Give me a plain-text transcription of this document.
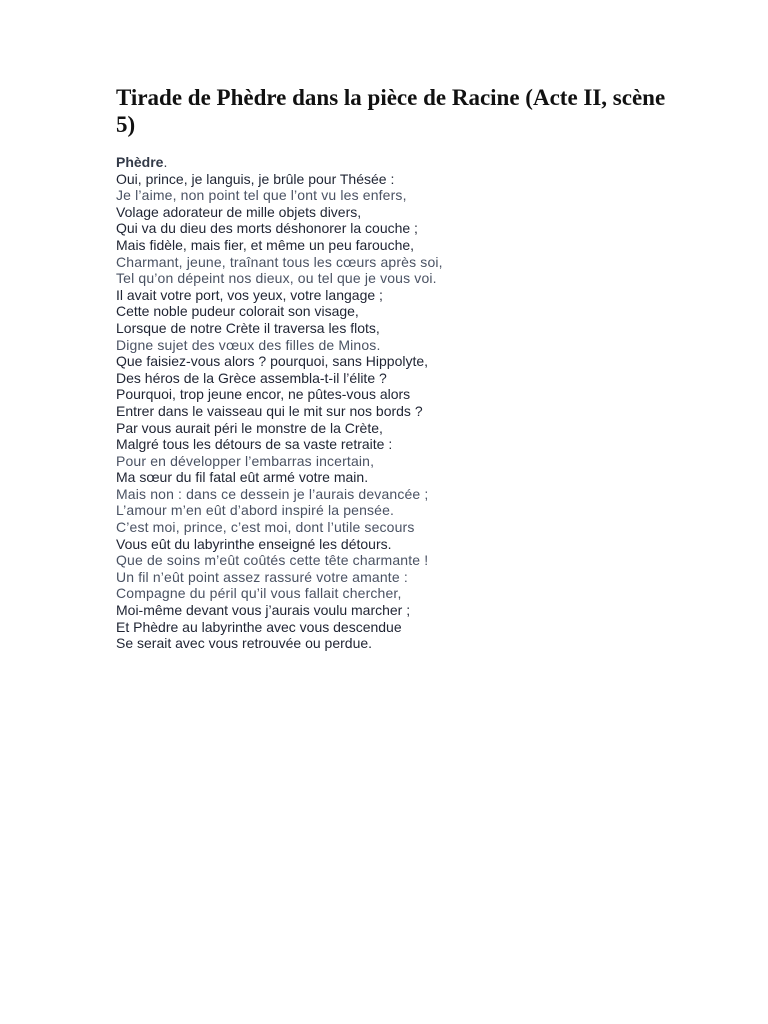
Tirade de Phèdre dans la pièce de Racine (Acte II, scène 5)

Phèdre.

Oui, prince, je languis, je brûle pour Thésée :
Je l’aime, non point tel que l’ont vu les enfers,
Volage adorateur de mille objets divers,
Qui va du dieu des morts déshonorer la couche ;
Mais fidèle, mais fier, et même un peu farouche,
Charmant, jeune, traînant tous les cœurs après soi,
Tel qu’on dépeint nos dieux, ou tel que je vous voi.
Il avait votre port, vos yeux, votre langage ;
Cette noble pudeur colorait son visage,
Lorsque de notre Crète il traversa les flots,
Digne sujet des vœux des filles de Minos.
Que faisiez-vous alors ? pourquoi, sans Hippolyte,
Des héros de la Grèce assembla-t-il l’élite ?
Pourquoi, trop jeune encor, ne pûtes-vous alors
Entrer dans le vaisseau qui le mit sur nos bords ?
Par vous aurait péri le monstre de la Crète,
Malgré tous les détours de sa vaste retraite :
Pour en développer l’embarras incertain,
Ma sœur du fil fatal eût armé votre main.
Mais non : dans ce dessein je l’aurais devancée ;
L’amour m’en eût d’abord inspiré la pensée.
C’est moi, prince, c’est moi, dont l’utile secours
Vous eût du labyrinthe enseigné les détours.
Que de soins m’eût coûtés cette tête charmante !
Un fil n’eût point assez rassuré votre amante :
Compagne du péril qu’il vous fallait chercher,
Moi-même devant vous j’aurais voulu marcher ;
Et Phèdre au labyrinthe avec vous descendue
Se serait avec vous retrouvée ou perdue.
